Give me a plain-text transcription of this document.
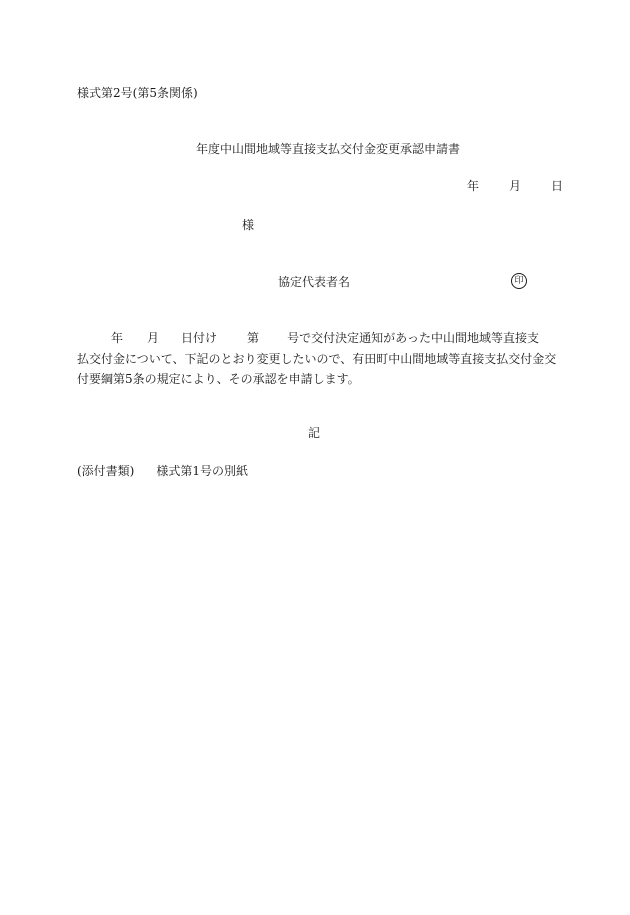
様式第2号(第5条関係)
年度中山間地域等直接支払交付金変更承認申請書
年	月	日
様
協定代表者名	印
年 月 日付け	第 号で交付決定通知があった中山間地域等直接支
払交付金について、下記のとおり変更したいので、有田町中山間地域等直接支払交付金交
付要綱第5条の規定により、その承認を申請します。
記
(添付書類) 様式第1号の別紙
